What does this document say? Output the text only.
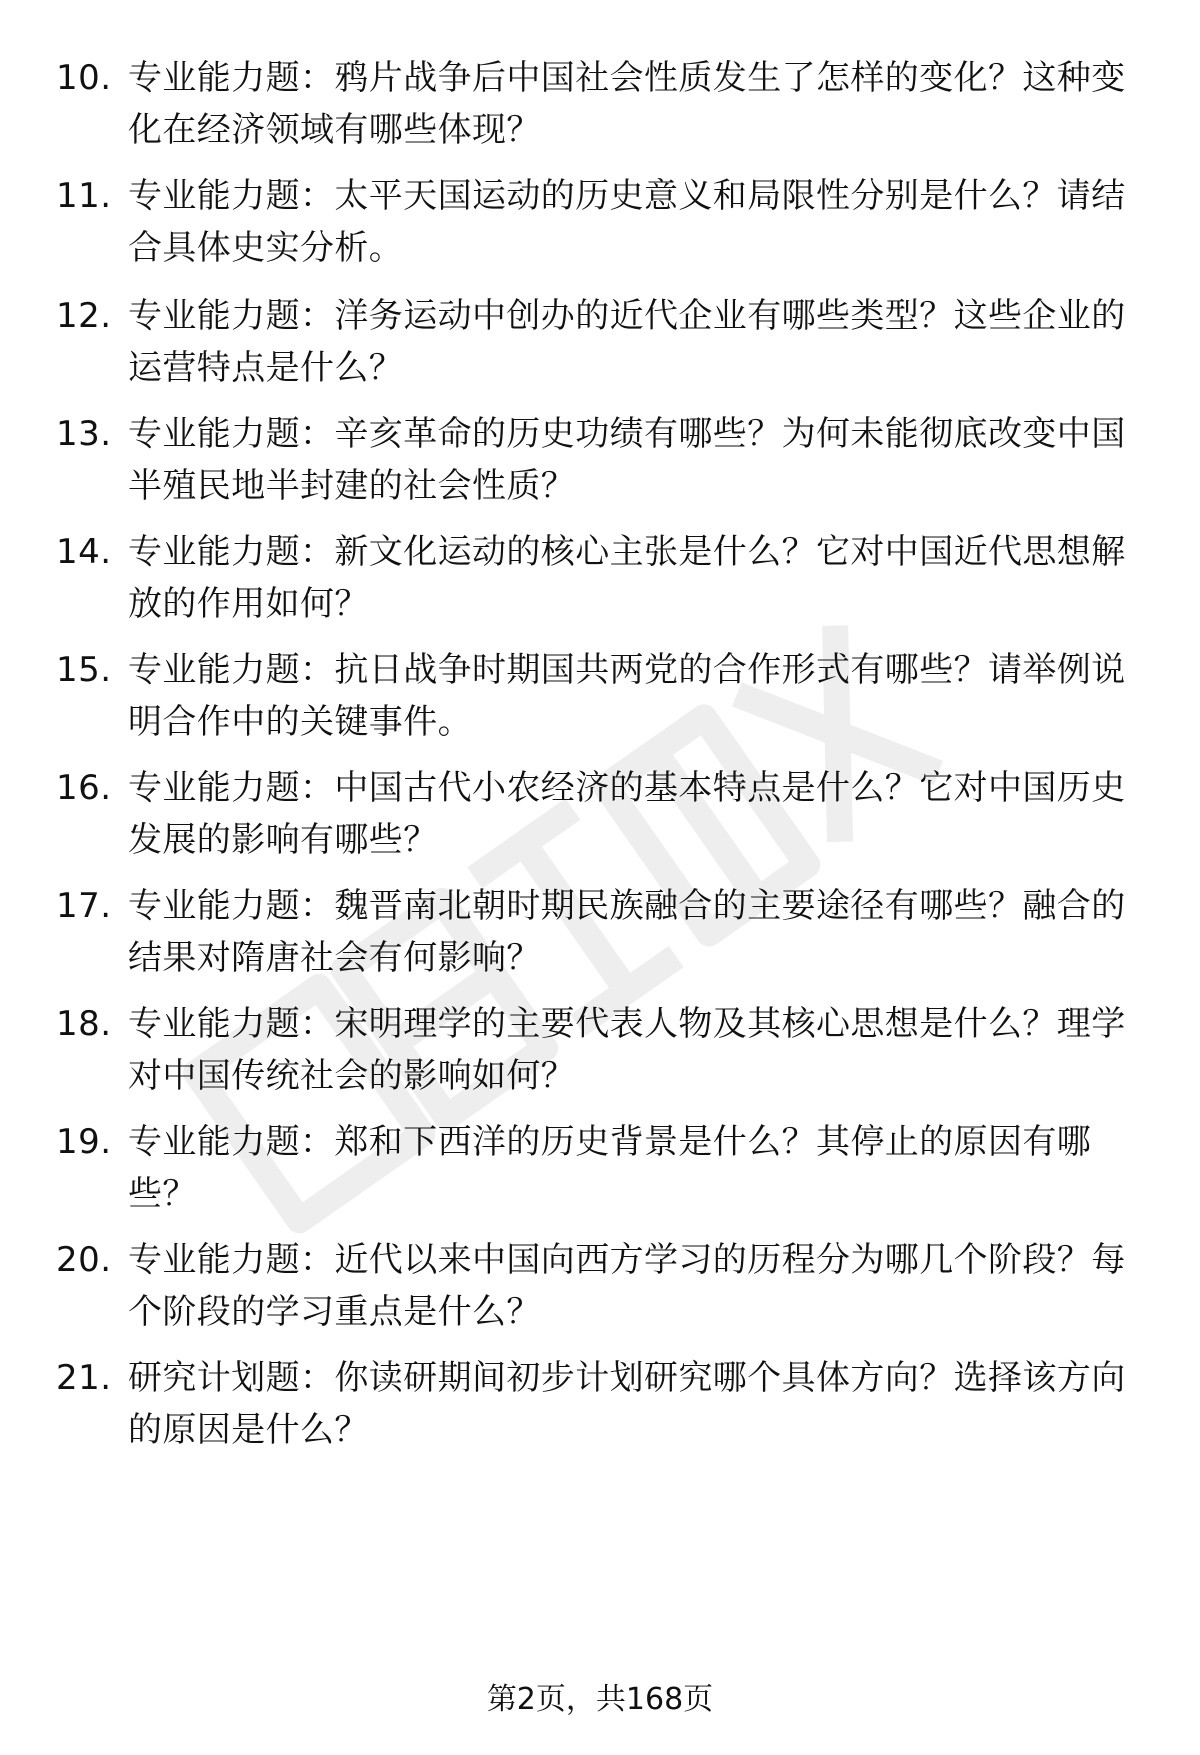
10. 专业能力题：鸦片战争后中国社会性质发生了怎样的变化？这种变化在经济领域有哪些体现？
11. 专业能力题：太平天国运动的历史意义和局限性分别是什么？请结合具体史实分析。
12. 专业能力题：洋务运动中创办的近代企业有哪些类型？这些企业的运营特点是什么？
13. 专业能力题：辛亥革命的历史功绩有哪些？为何未能彻底改变中国半殖民地半封建的社会性质？
14. 专业能力题：新文化运动的核心主张是什么？它对中国近代思想解放的作用如何？
15. 专业能力题：抗日战争时期国共两党的合作形式有哪些？请举例说明合作中的关键事件。
16. 专业能力题：中国古代小农经济的基本特点是什么？它对中国历史发展的影响有哪些？
17. 专业能力题：魏晋南北朝时期民族融合的主要途径有哪些？融合的结果对隋唐社会有何影响？
18. 专业能力题：宋明理学的主要代表人物及其核心思想是什么？理学对中国传统社会的影响如何？
19. 专业能力题：郑和下西洋的历史背景是什么？其停止的原因有哪些？
20. 专业能力题：近代以来中国向西方学习的历程分为哪几个阶段？每个阶段的学习重点是什么？
21. 研究计划题：你读研期间初步计划研究哪个具体方向？选择该方向的原因是什么？
第2页，共168页
